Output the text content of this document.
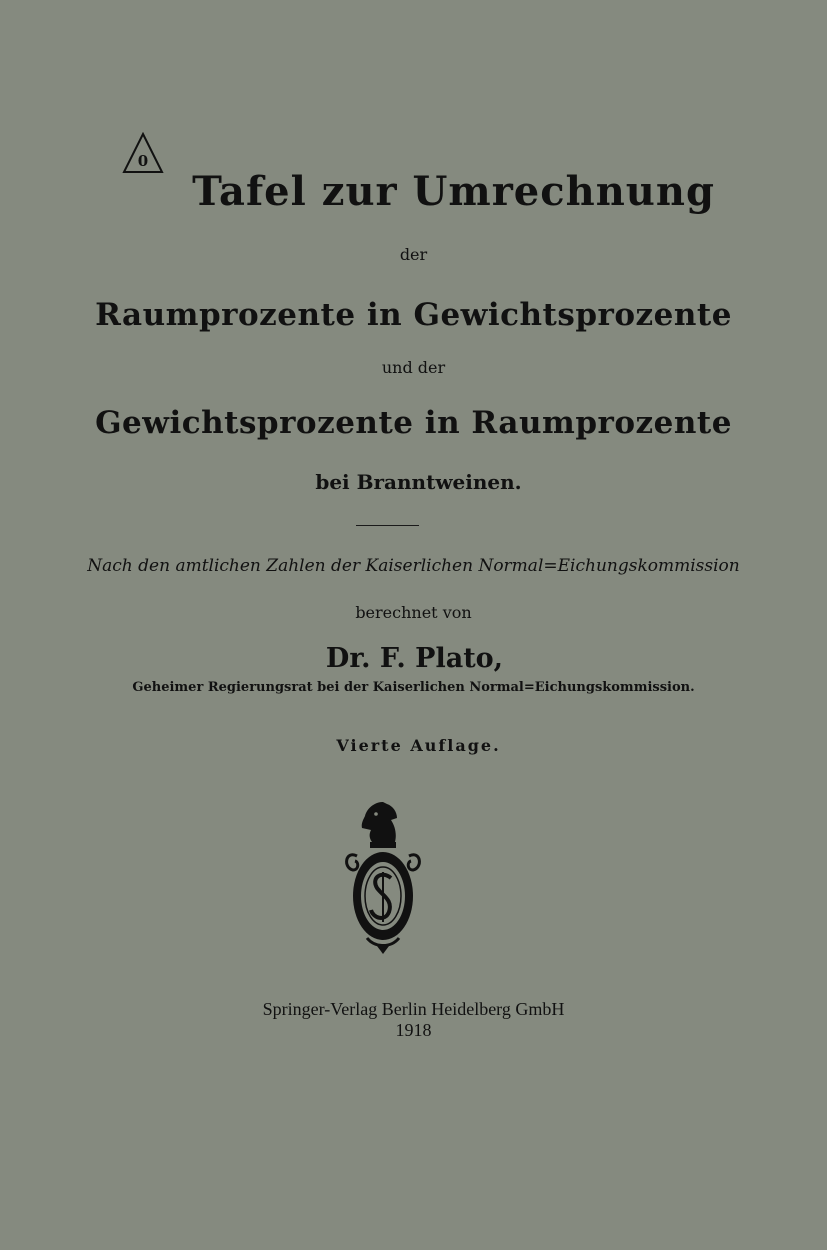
0
Tafel zur Umrechnung
der
Raumprozente in Gewichtsprozente
und der
Gewichtsprozente in Raumprozente
bei Branntweinen.
Nach den amtlichen Zahlen der Kaiserlichen Normal=Eichungskommission
berechnet von
Dr. F. Plato,
Geheimer Regierungsrat bei der Kaiserlichen Normal=Eichungskommission.
Vierte Auflage.
Springer-Verlag Berlin Heidelberg GmbH
1918
